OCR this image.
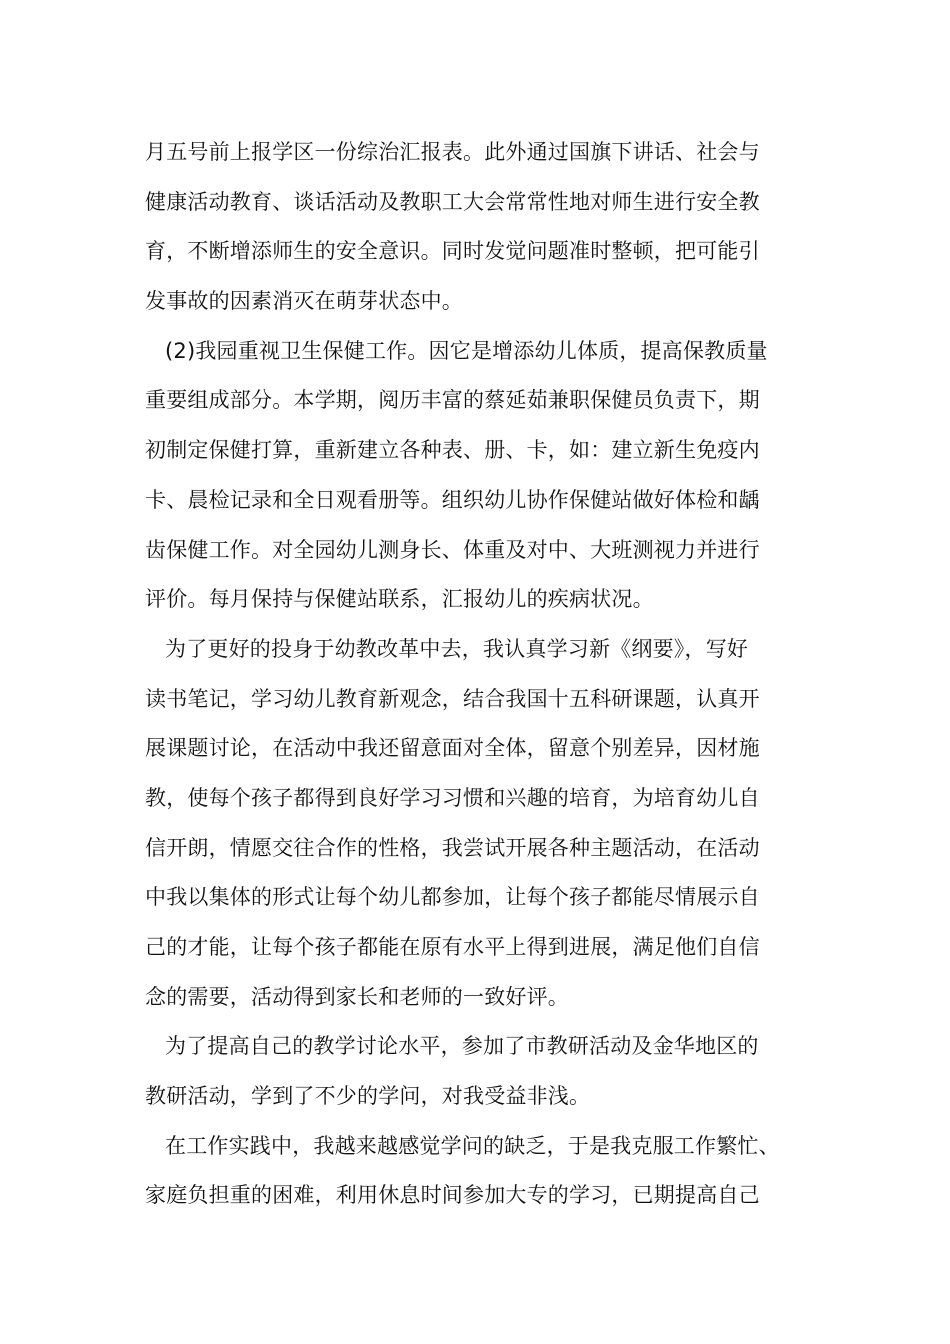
月五号前上报学区一份综治汇报表。此外通过国旗下讲话、社会与
健康活动教育、谈话活动及教职工大会常常性地对师生进行安全教
育，不断增添师生的安全意识。同时发觉问题准时整顿，把可能引
发事故的因素消灭在萌芽状态中。
(2)我园重视卫生保健工作。因它是增添幼儿体质，提高保教质量
重要组成部分。本学期，阅历丰富的蔡延茹兼职保健员负责下，期
初制定保健打算，重新建立各种表、册、卡，如：建立新生免疫内
卡、晨检记录和全日观看册等。组织幼儿协作保健站做好体检和龋
齿保健工作。对全园幼儿测身长、体重及对中、大班测视力并进行
评价。每月保持与保健站联系，汇报幼儿的疾病状况。
为了更好的投身于幼教改革中去，我认真学习新《纲要》，写好
读书笔记，学习幼儿教育新观念，结合我国十五科研课题，认真开
展课题讨论，在活动中我还留意面对全体，留意个别差异，因材施
教，使每个孩子都得到良好学习习惯和兴趣的培育，为培育幼儿自
信开朗，情愿交往合作的性格，我尝试开展各种主题活动，在活动
中我以集体的形式让每个幼儿都参加，让每个孩子都能尽情展示自
己的才能，让每个孩子都能在原有水平上得到进展，满足他们自信
念的需要，活动得到家长和老师的一致好评。
为了提高自己的教学讨论水平，参加了市教研活动及金华地区的
教研活动，学到了不少的学问，对我受益非浅。
在工作实践中，我越来越感觉学问的缺乏，于是我克服工作繁忙、
家庭负担重的困难，利用休息时间参加大专的学习，已期提高自己
